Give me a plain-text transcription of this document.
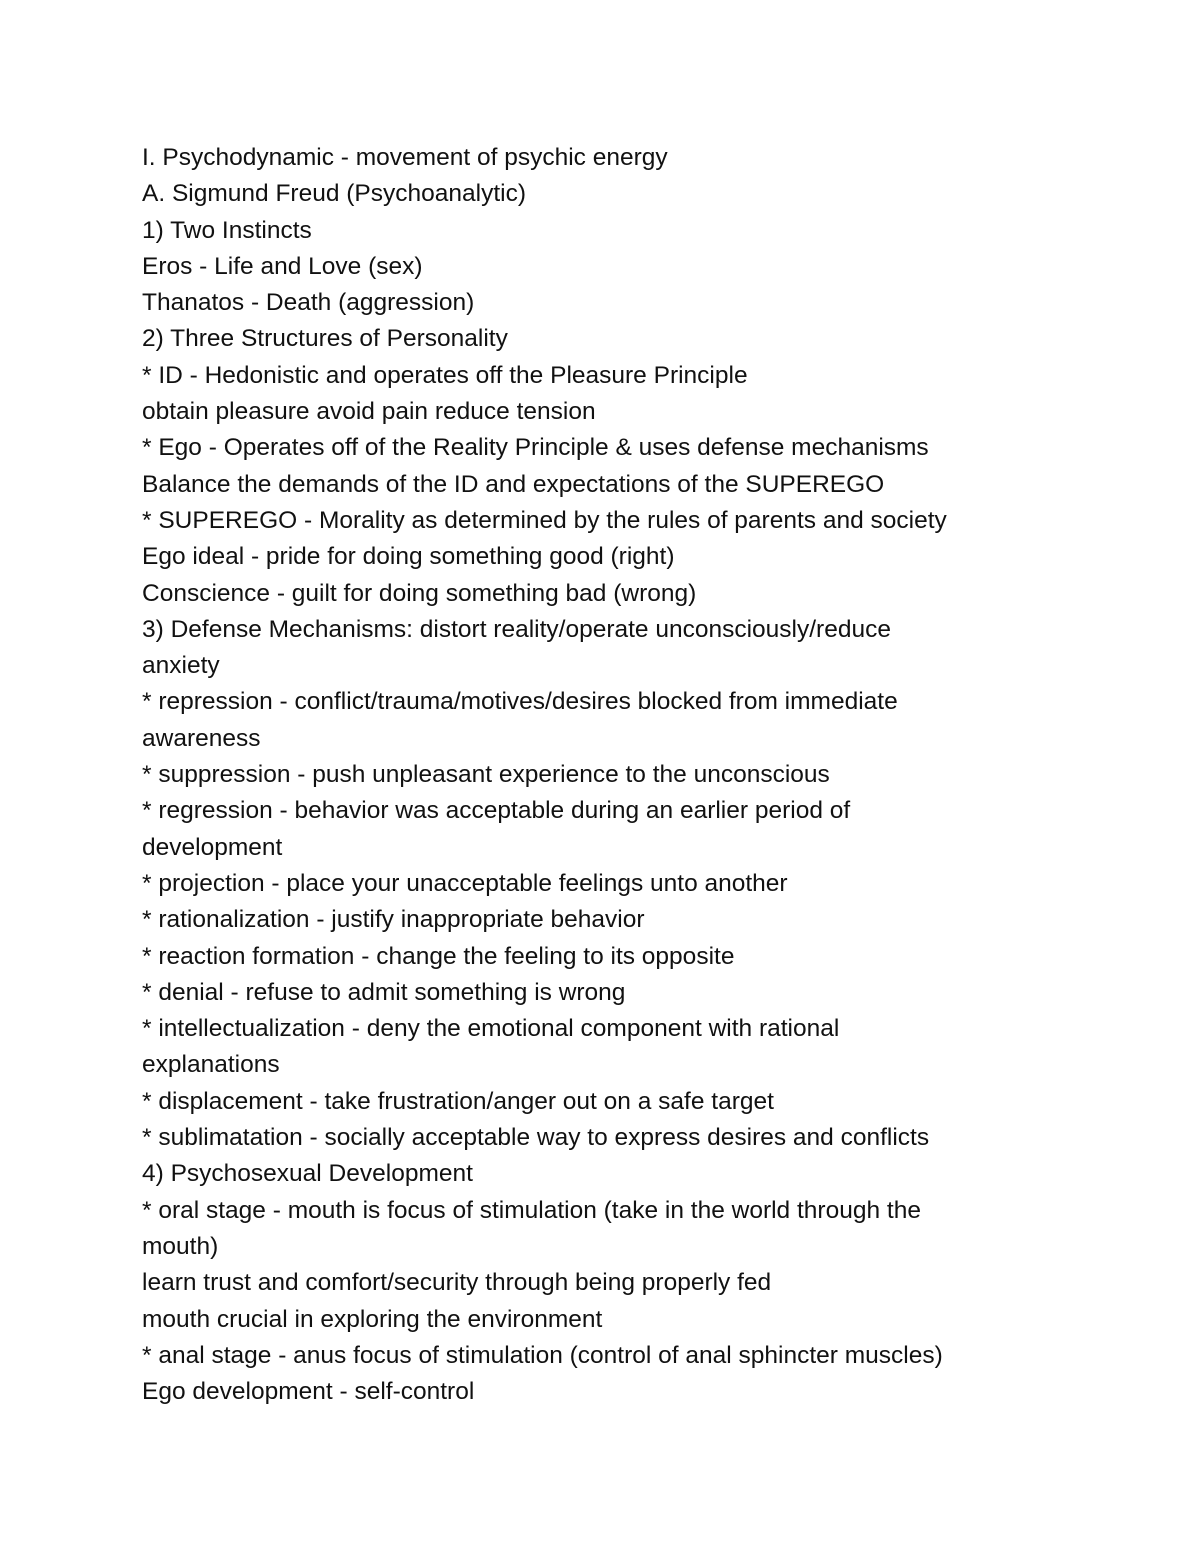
I. Psychodynamic - movement of psychic energy

A. Sigmund Freud (Psychoanalytic)

1) Two Instincts

Eros - Life and Love (sex)

Thanatos - Death (aggression)

2) Three Structures of Personality

* ID - Hedonistic and operates off the Pleasure Principle

obtain pleasure avoid pain reduce tension

* Ego - Operates off of the Reality Principle & uses defense mechanisms

Balance the demands of the ID and expectations of the SUPEREGO

* SUPEREGO - Morality as determined by the rules of parents and society

Ego ideal - pride for doing something good (right)

Conscience - guilt for doing something bad (wrong)

3) Defense Mechanisms: distort reality/operate unconsciously/reduce

anxiety

* repression - conflict/trauma/motives/desires blocked from immediate

awareness

* suppression - push unpleasant experience to the unconscious

* regression - behavior was acceptable during an earlier period of

development

* projection - place your unacceptable feelings unto another

* rationalization - justify inappropriate behavior

* reaction formation - change the feeling to its opposite

* denial - refuse to admit something is wrong

* intellectualization - deny the emotional component with rational

explanations

* displacement - take frustration/anger out on a safe target

* sublimatation - socially acceptable way to express desires and conflicts

4) Psychosexual Development

* oral stage - mouth is focus of stimulation (take in the world through the

mouth)

learn trust and comfort/security through being properly fed

mouth crucial in exploring the environment

* anal stage - anus focus of stimulation (control of anal sphincter muscles)

Ego development - self-control
